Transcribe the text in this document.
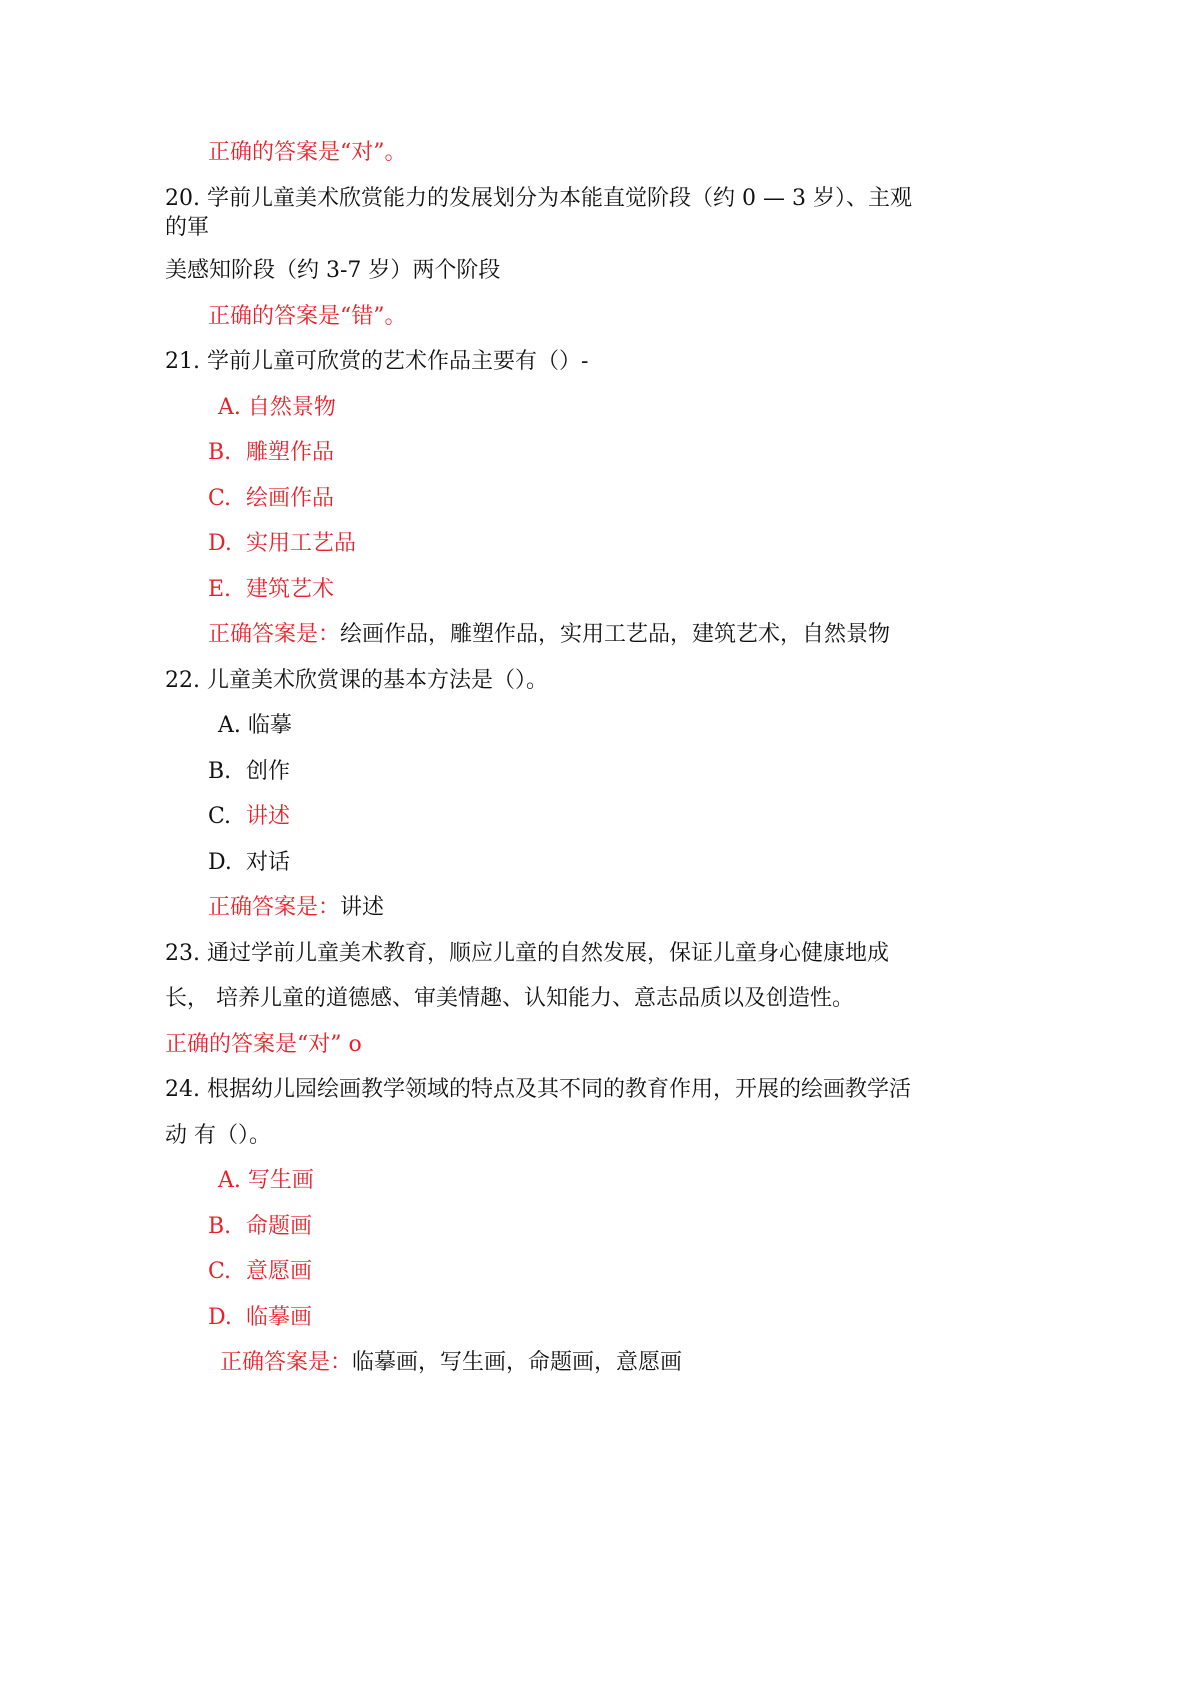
正确的答案是“对”。
20. 学前儿童美术欣赏能力的发展划分为本能直觉阶段（约 0 — 3 岁）、主观
的軍
美感知阶段（约 3-7 岁）两个阶段
正确的答案是“错”。
21. 学前儿童可欣赏的艺术作品主要有（）-
A. 自然景物
B. 雕塑作品
C. 绘画作品
D. 实用工艺品
E. 建筑艺术
正确答案是：绘画作品，雕塑作品，实用工艺品，建筑艺术，自然景物
22. 儿童美术欣赏课的基本方法是（）。
A. 临摹
B. 创作
C. 讲述
D. 对话
正确答案是：讲述
23. 通过学前儿童美术教育，顺应儿童的自然发展，保证儿童身心健康地成
长， 培养儿童的道德感、审美情趣、认知能力、意志品质以及创造性。
正确的答案是“对” o
24. 根据幼儿园绘画教学领域的特点及其不同的教育作用，开展的绘画教学活
动 有（）。
A. 写生画
B. 命题画
C. 意愿画
D. 临摹画
正确答案是：临摹画，写生画，命题画，意愿画
